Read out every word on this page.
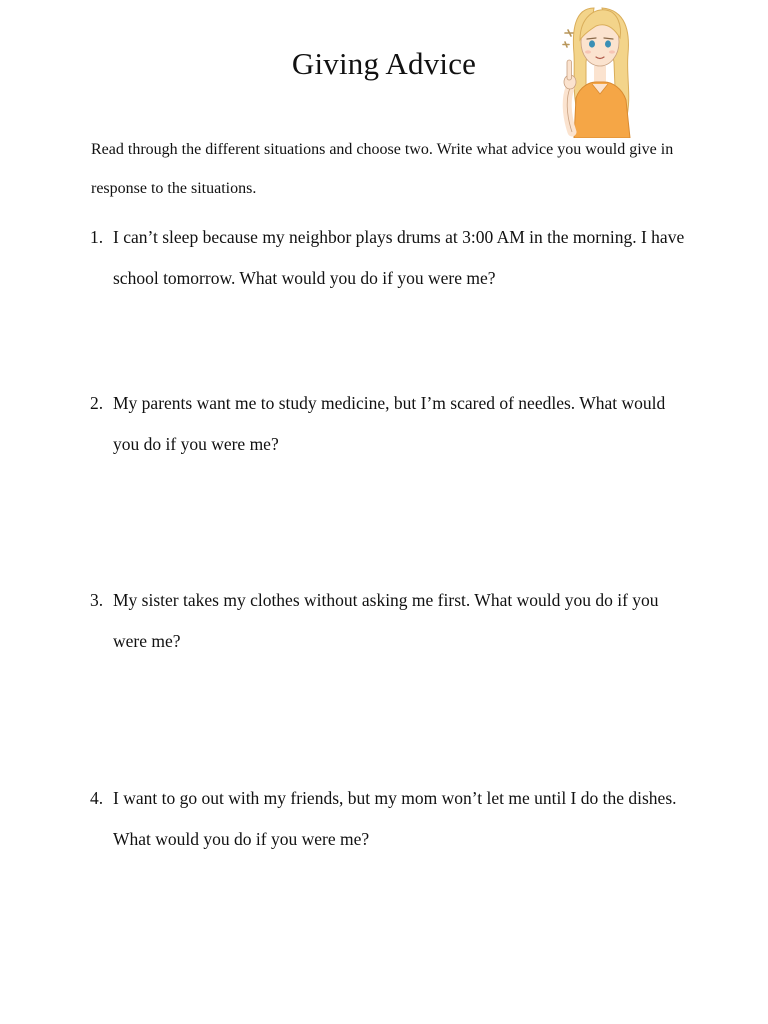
Giving Advice

Read through the different situations and choose two. Write what advice you would give in response to the situations.

1. I can’t sleep because my neighbor plays drums at 3:00 AM in the morning. I have school tomorrow. What would you do if you were me?
2. My parents want me to study medicine, but I’m scared of needles. What would you do if you were me?
3. My sister takes my clothes without asking me first. What would you do if you were me?
4. I want to go out with my friends, but my mom won’t let me until I do the dishes. What would you do if you were me?
